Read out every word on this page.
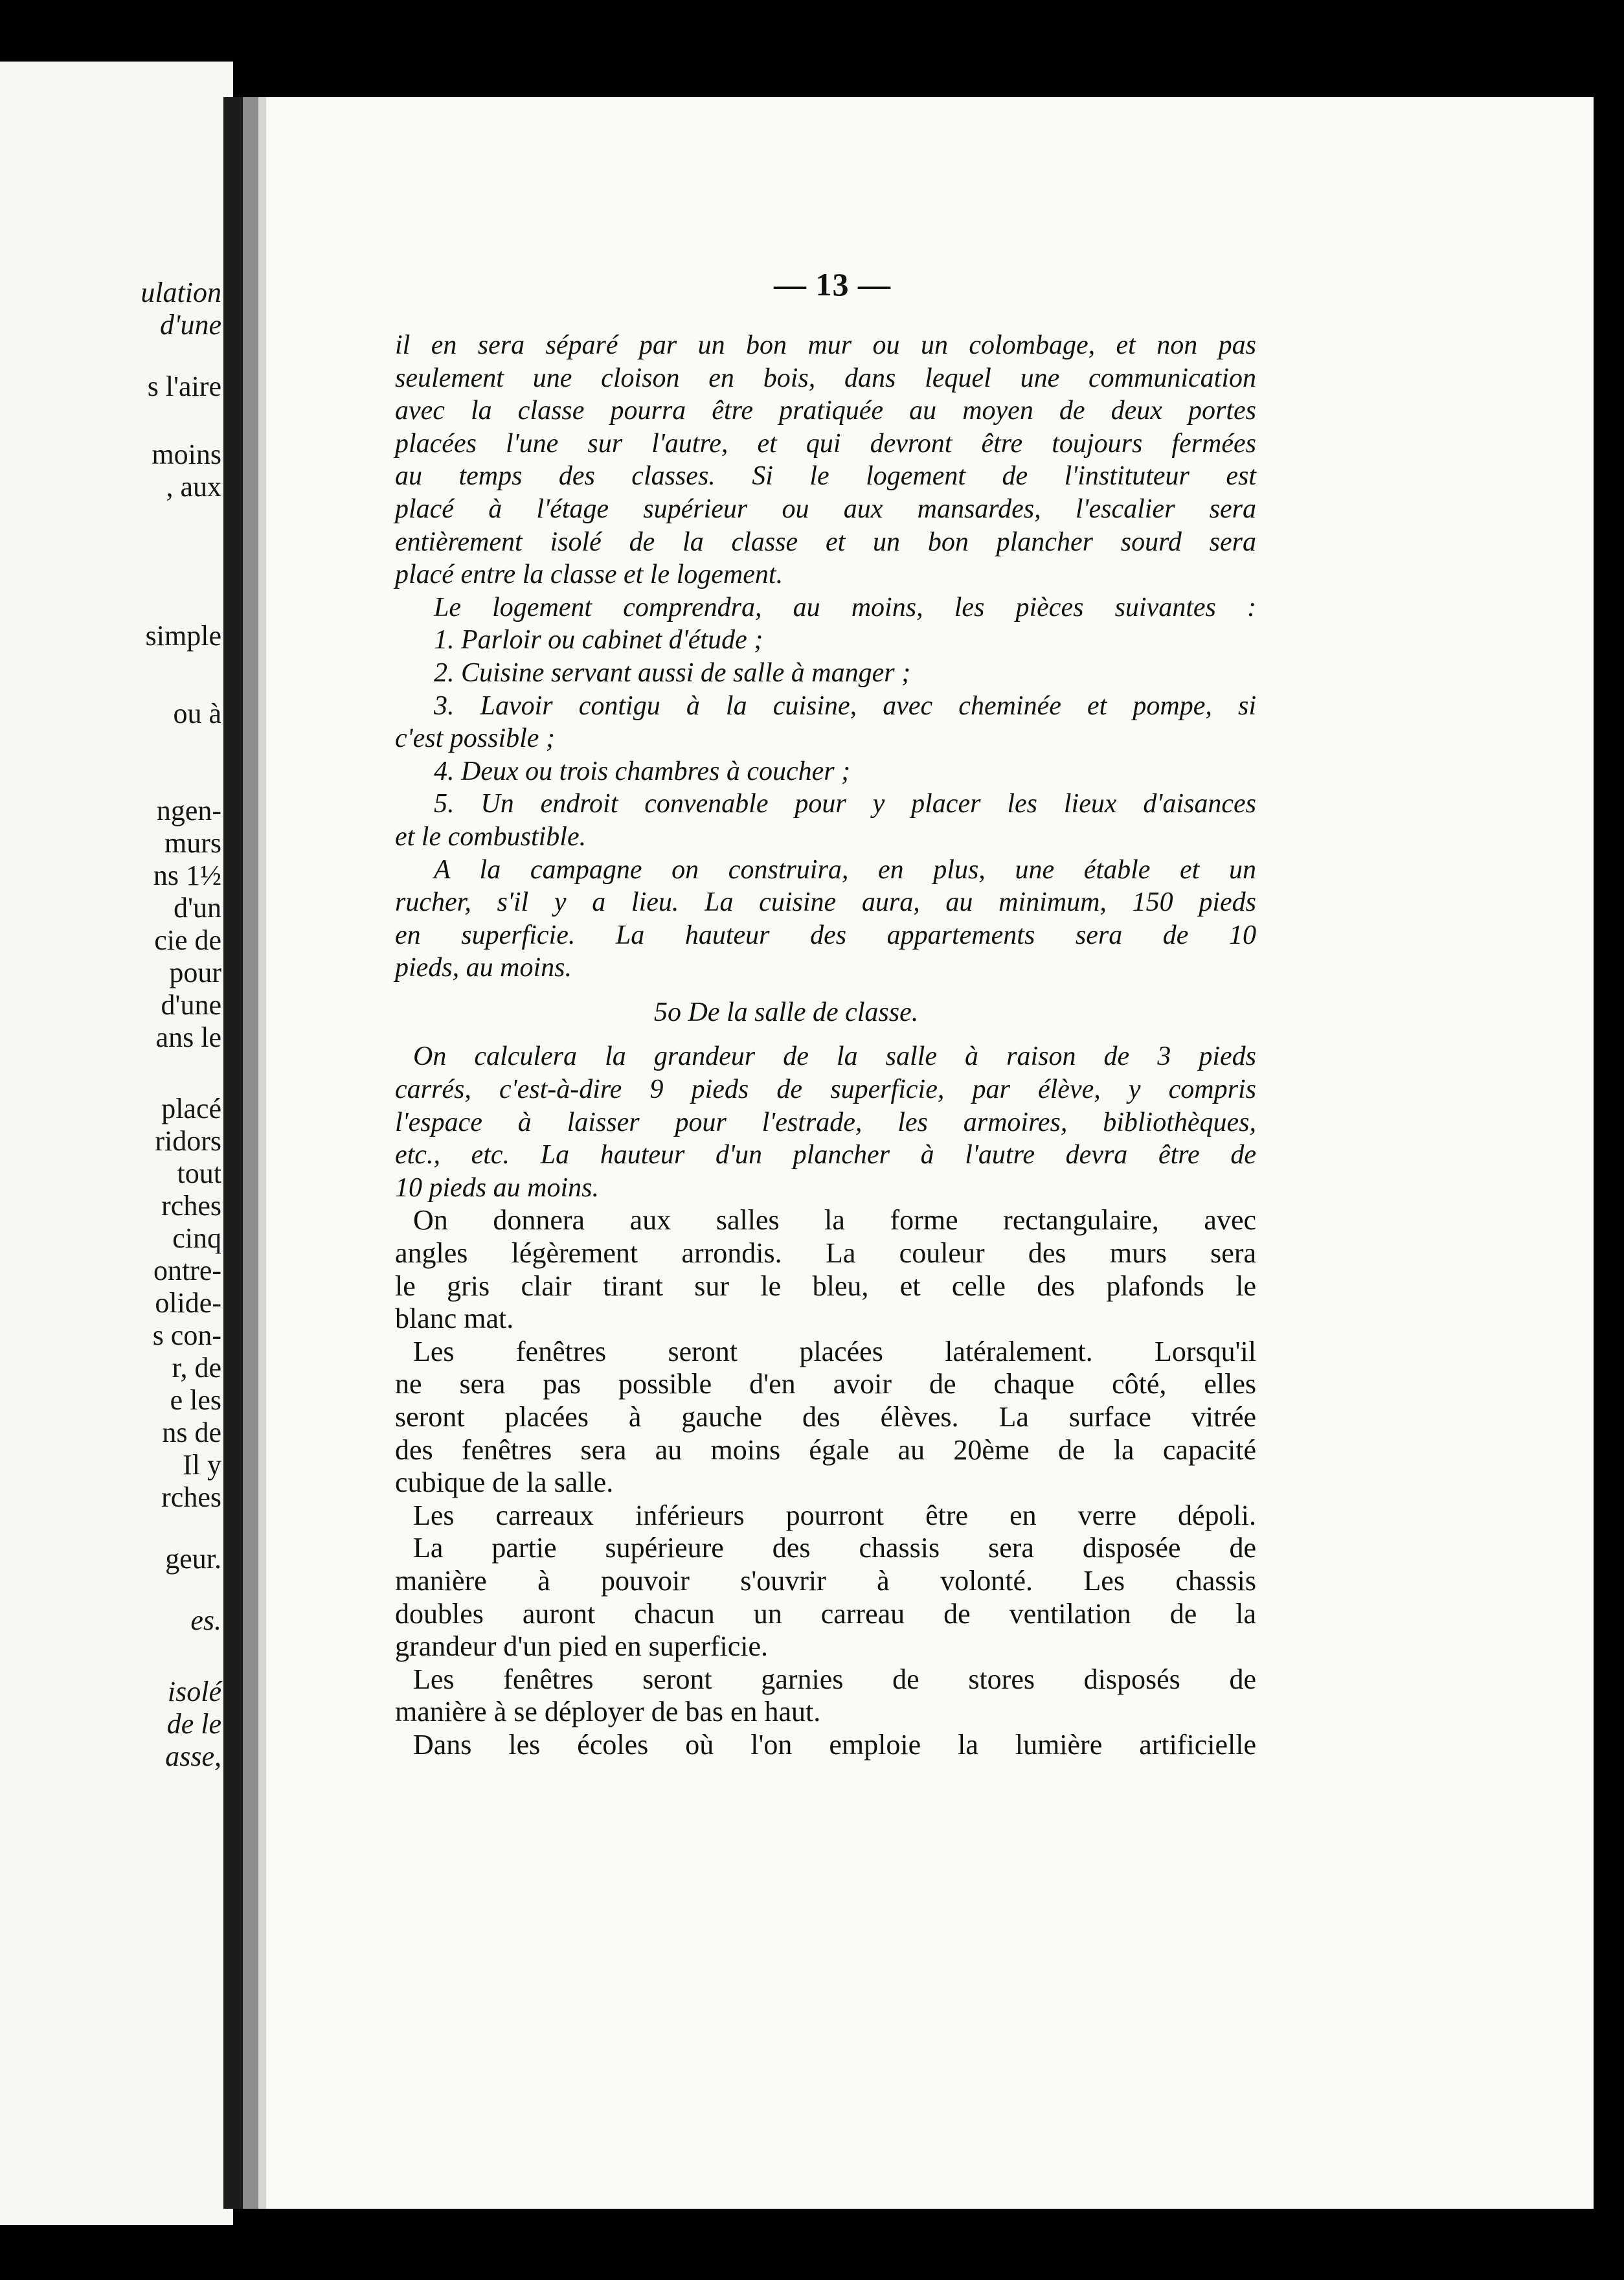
ulation
d'une
s l'aire
moins
, aux
simple
ou à
ngen-
murs
ns 1½
d'un
cie de
pour
d'une
ans le
placé
ridors
tout
rches
cinq
ontre-
olide-
s con-
r, de
e les
ns de
Il y
rches
geur.
es.
isolé
de le
asse,
— 13 —
il en sera séparé par un bon mur ou un colombage, et non pas
seulement une cloison en bois, dans lequel une communication
avec la classe pourra être pratiquée au moyen de deux portes
placées l'une sur l'autre, et qui devront être toujours fermées
au temps des classes. Si le logement de l'instituteur est
placé à l'étage supérieur ou aux mansardes, l'escalier sera
entièrement isolé de la classe et un bon plancher sourd sera
placé entre la classe et le logement.
Le logement comprendra, au moins, les pièces suivantes :
1. Parloir ou cabinet d'étude ;
2. Cuisine servant aussi de salle à manger ;
3. Lavoir contigu à la cuisine, avec cheminée et pompe, si
c'est possible ;
4. Deux ou trois chambres à coucher ;
5. Un endroit convenable pour y placer les lieux d'aisances
et le combustible.
A la campagne on construira, en plus, une étable et un
rucher, s'il y a lieu. La cuisine aura, au minimum, 150 pieds
en superficie. La hauteur des appartements sera de 10
pieds, au moins.
5o De la salle de classe.
On calculera la grandeur de la salle à raison de 3 pieds
carrés, c'est-à-dire 9 pieds de superficie, par élève, y compris
l'espace à laisser pour l'estrade, les armoires, bibliothèques,
etc., etc. La hauteur d'un plancher à l'autre devra être de
10 pieds au moins.
On donnera aux salles la forme rectangulaire, avec
angles légèrement arrondis. La couleur des murs sera
le gris clair tirant sur le bleu, et celle des plafonds le
blanc mat.
Les fenêtres seront placées latéralement. Lorsqu'il
ne sera pas possible d'en avoir de chaque côté, elles
seront placées à gauche des élèves. La surface vitrée
des fenêtres sera au moins égale au 20ème de la capacité
cubique de la salle.
Les carreaux inférieurs pourront être en verre dépoli.
La partie supérieure des chassis sera disposée de
manière à pouvoir s'ouvrir à volonté. Les chassis
doubles auront chacun un carreau de ventilation de la
grandeur d'un pied en superficie.
Les fenêtres seront garnies de stores disposés de
manière à se déployer de bas en haut.
Dans les écoles où l'on emploie la lumière artificielle
